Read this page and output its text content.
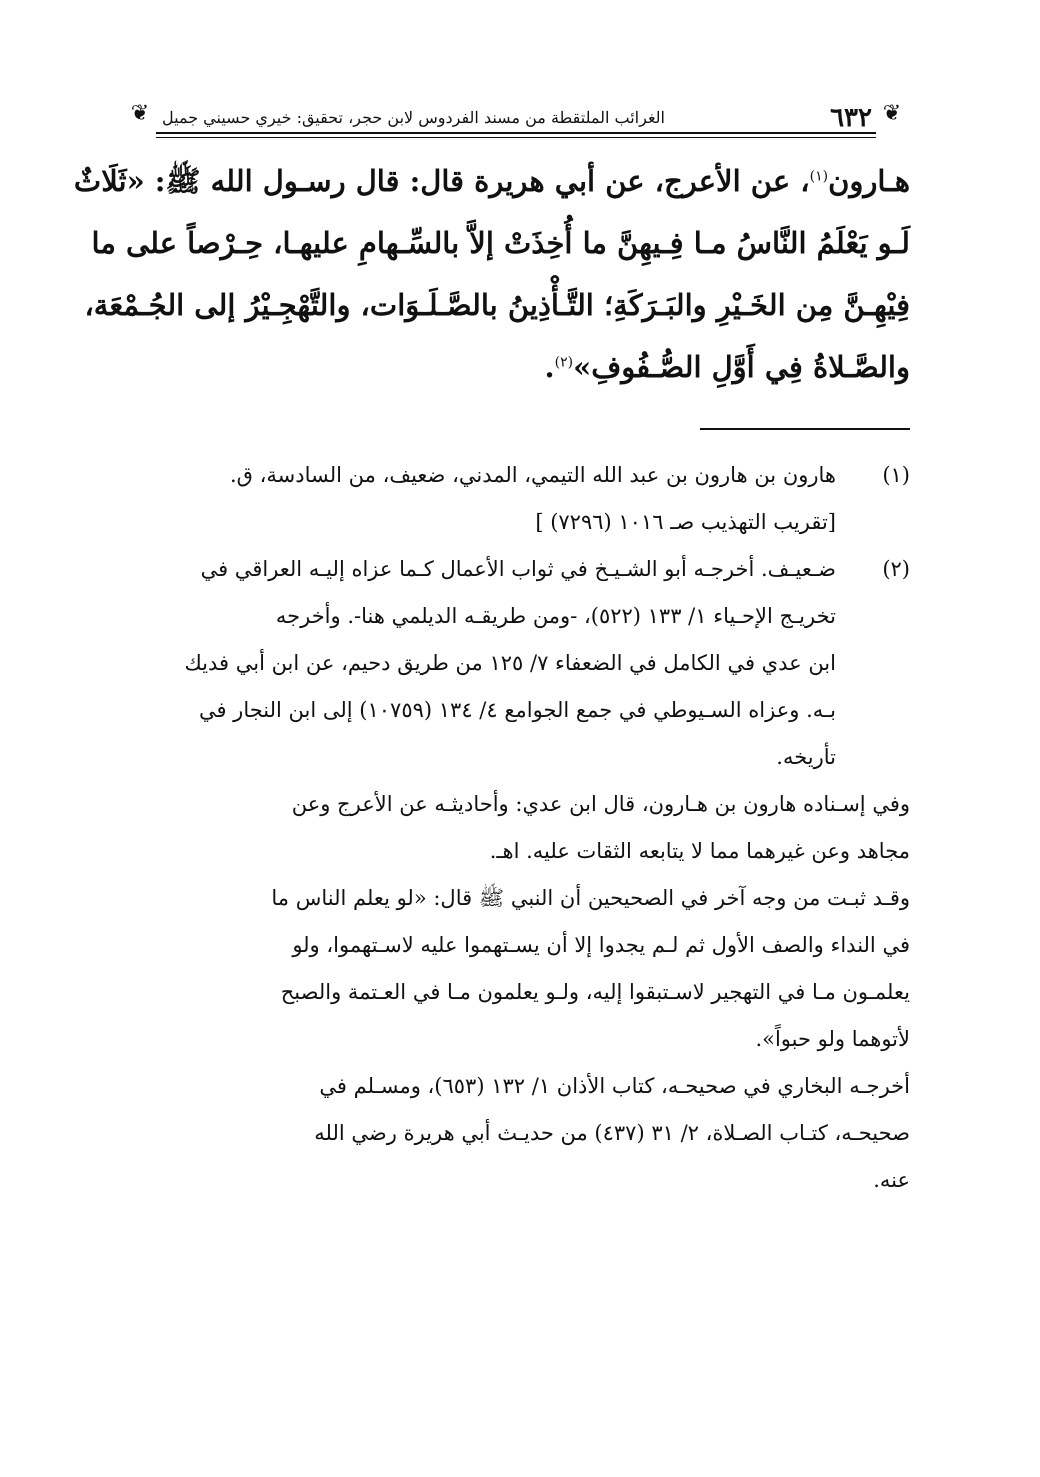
❦
٦٣٢
الغرائب الملتقطة من مسند الفردوس لابن حجر، تحقيق: خيري حسيني جميل
❦
هـارون$^{(١)}$، عن الأعرج، عن أبي هريرة قال: قال رسـول الله ﷺ: «ثَلَاثٌ
لَـو يَعْلَمُ النَّاسُ مـا فِـيهِنَّ ما أُخِذَتْ إلاَّ بالسِّـهامِ عليهـا، حِـرْصاً على ما
فِيْهِـنَّ مِن الخَـيْرِ والبَـرَكَةِ؛ التَّـأْذِينُ بالصَّـلَـوَات، والتَّهْجِـيْرُ إلى الجُـمْعَة،
والصَّـلاةُ فِي أَوَّلِ الصُّـفُوفِ»$^{(٢)}$.
(١)
هارون بن هارون بن عبد الله التيمي، المدني، ضعيف، من السادسة، ق.
[تقريب التهذيب صـ ١٠١٦ (٧٢٩٦) ]
(٢)
ضـعيـف. أخرجـه أبو الشـيـخ في ثواب الأعمال كـما عزاه إليـه العراقي في
تخريـج الإحـياء ١/ ١٣٣ (٥٢٢)، -ومن طريقـه الديلمي هنا-. وأخرجه
ابن عدي في الكامل في الضعفاء ٧/ ١٢٥ من طريق دحيم، عن ابن أبي فديك
بـه. وعزاه السـيوطي في جمع الجوامع ٤/ ١٣٤ (١٠٧٥٩) إلى ابن النجار في
تأريخه.
وفي إسـناده هارون بن هـارون، قال ابن عدي: وأحاديثـه عن الأعرج وعن
مجاهد وعن غيرهما مما لا يتابعه الثقات عليه. اهـ.
وقـد ثبـت من وجه آخر في الصحيحين أن النبي ﷺ قال: «لو يعلم الناس ما
في النداء والصف الأول ثم لـم يجدوا إلا أن يسـتهموا عليه لاسـتهموا، ولو
يعلمـون مـا في التهجير لاسـتبقوا إليه، ولـو يعلمون مـا في العـتمة والصبح
لأتوهما ولو حبواً».
أخرجـه البخاري في صحيحـه، كتاب الأذان ١/ ١٣٢ (٦٥٣)، ومسـلم في
صحيحـه، كتـاب الصـلاة، ٢/ ٣١ (٤٣٧) من حديـث أبي هريرة رضي الله
عنه.
